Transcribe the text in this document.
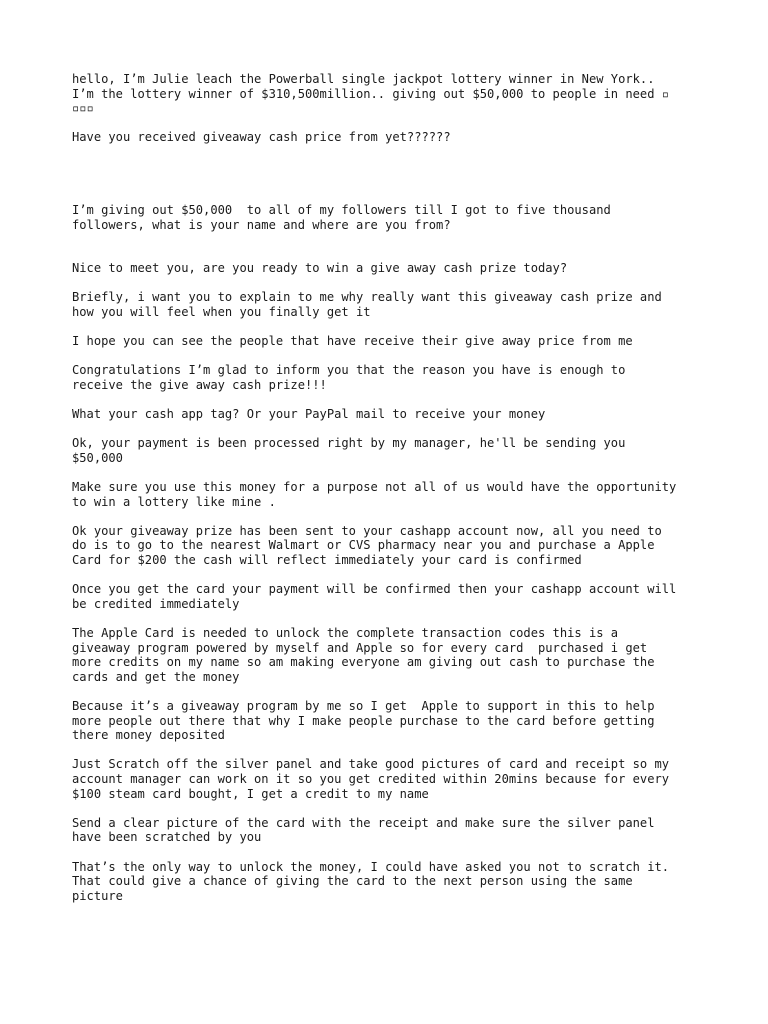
hello, I’m Julie leach the Powerball single jackpot lottery winner in New York..
I’m the lottery winner of $310,500million.. giving out $50,000 to people in need ▫
▫▫▫

Have you received giveaway cash price from yet??????

I’m giving out $50,000  to all of my followers till I got to five thousand
followers, what is your name and where are you from?

Nice to meet you, are you ready to win a give away cash prize today?

Briefly, i want you to explain to me why really want this giveaway cash prize and
how you will feel when you finally get it

I hope you can see the people that have receive their give away price from me

Congratulations I’m glad to inform you that the reason you have is enough to
receive the give away cash prize!!!

What your cash app tag? Or your PayPal mail to receive your money

Ok, your payment is been processed right by my manager, he'll be sending you
$50,000

Make sure you use this money for a purpose not all of us would have the opportunity
to win a lottery like mine .

Ok your giveaway prize has been sent to your cashapp account now, all you need to
do is to go to the nearest Walmart or CVS pharmacy near you and purchase a Apple
Card for $200 the cash will reflect immediately your card is confirmed

Once you get the card your payment will be confirmed then your cashapp account will
be credited immediately

The Apple Card is needed to unlock the complete transaction codes this is a
giveaway program powered by myself and Apple so for every card  purchased i get
more credits on my name so am making everyone am giving out cash to purchase the
cards and get the money

Because it’s a giveaway program by me so I get  Apple to support in this to help
more people out there that why I make people purchase to the card before getting
there money deposited

Just Scratch off the silver panel and take good pictures of card and receipt so my
account manager can work on it so you get credited within 20mins because for every
$100 steam card bought, I get a credit to my name

Send a clear picture of the card with the receipt and make sure the silver panel
have been scratched by you

That’s the only way to unlock the money, I could have asked you not to scratch it.
That could give a chance of giving the card to the next person using the same
picture
